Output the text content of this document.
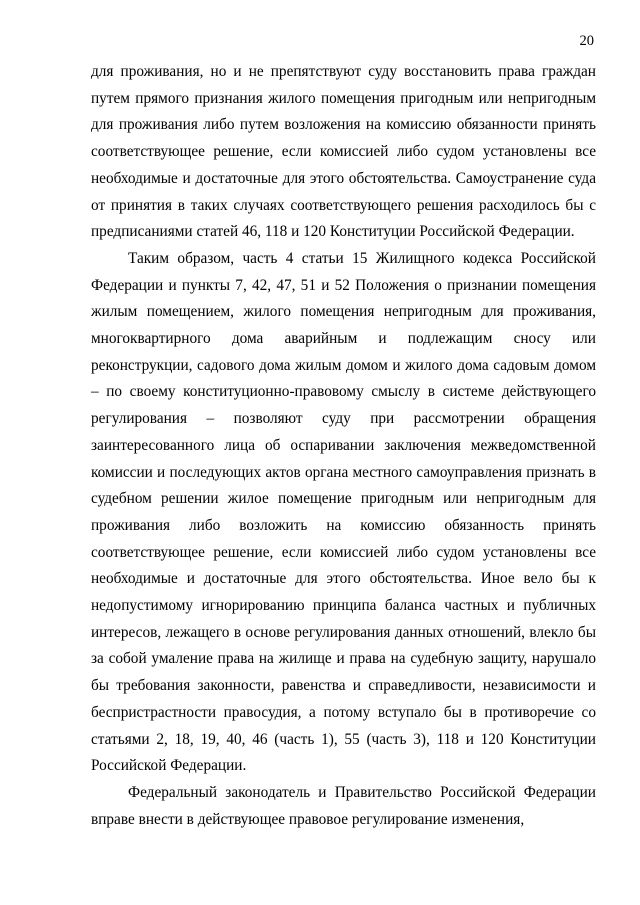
20

для проживания, но и не препятствуют суду восстановить права граждан путем прямого признания жилого помещения пригодным или непригодным для проживания либо путем возложения на комиссию обязанности принять соответствующее решение, если комиссией либо судом установлены все необходимые и достаточные для этого обстоятельства. Самоустранение суда от принятия в таких случаях соответствующего решения расходилось бы с предписаниями статей 46, 118 и 120 Конституции Российской Федерации.

Таким образом, часть 4 статьи 15 Жилищного кодекса Российской Федерации и пункты 7, 42, 47, 51 и 52 Положения о признании помещения жилым помещением, жилого помещения непригодным для проживания, многоквартирного дома аварийным и подлежащим сносу или реконструкции, садового дома жилым домом и жилого дома садовым домом – по своему конституционно-правовому смыслу в системе действующего регулирования – позволяют суду при рассмотрении обращения заинтересованного лица об оспаривании заключения межведомственной комиссии и последующих актов органа местного самоуправления признать в судебном решении жилое помещение пригодным или непригодным для проживания либо возложить на комиссию обязанность принять соответствующее решение, если комиссией либо судом установлены все необходимые и достаточные для этого обстоятельства. Иное вело бы к недопустимому игнорированию принципа баланса частных и публичных интересов, лежащего в основе регулирования данных отношений, влекло бы за собой умаление права на жилище и права на судебную защиту, нарушало бы требования законности, равенства и справедливости, независимости и беспристрастности правосудия, а потому вступало бы в противоречие со статьями 2, 18, 19, 40, 46 (часть 1), 55 (часть 3), 118 и 120 Конституции Российской Федерации.

Федеральный законодатель и Правительство Российской Федерации вправе внести в действующее правовое регулирование изменения,
